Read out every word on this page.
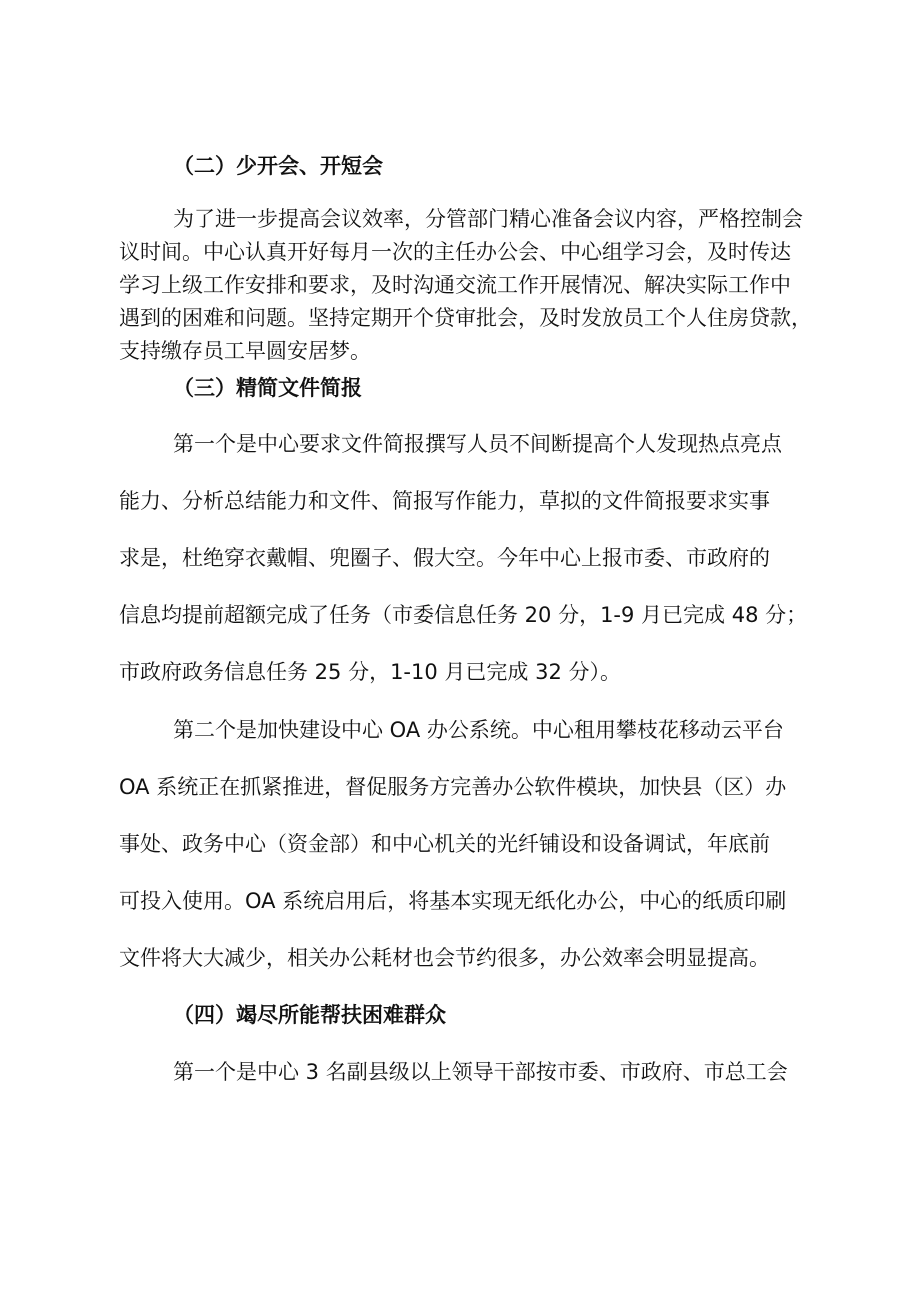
（二）少开会、开短会
为了进一步提高会议效率，分管部门精心准备会议内容，严格控制会
议时间。中心认真开好每月一次的主任办公会、中心组学习会，及时传达
学习上级工作安排和要求，及时沟通交流工作开展情况、解决实际工作中
遇到的困难和问题。坚持定期开个贷审批会，及时发放员工个人住房贷款，
支持缴存员工早圆安居梦。
（三）精简文件简报
第一个是中心要求文件简报撰写人员不间断提高个人发现热点亮点
能力、分析总结能力和文件、简报写作能力，草拟的文件简报要求实事
求是，杜绝穿衣戴帽、兜圈子、假大空。今年中心上报市委、市政府的
信息均提前超额完成了任务（市委信息任务 20 分，1-9 月已完成 48 分；
市政府政务信息任务 25 分，1-10 月已完成 32 分）。
第二个是加快建设中心 OA 办公系统。中心租用攀枝花移动云平台
OA 系统正在抓紧推进，督促服务方完善办公软件模块，加快县（区）办
事处、政务中心（资金部）和中心机关的光纤铺设和设备调试，年底前
可投入使用。OA 系统启用后，将基本实现无纸化办公，中心的纸质印刷
文件将大大减少，相关办公耗材也会节约很多，办公效率会明显提高。
（四）竭尽所能帮扶困难群众
第一个是中心 3 名副县级以上领导干部按市委、市政府、市总工会
